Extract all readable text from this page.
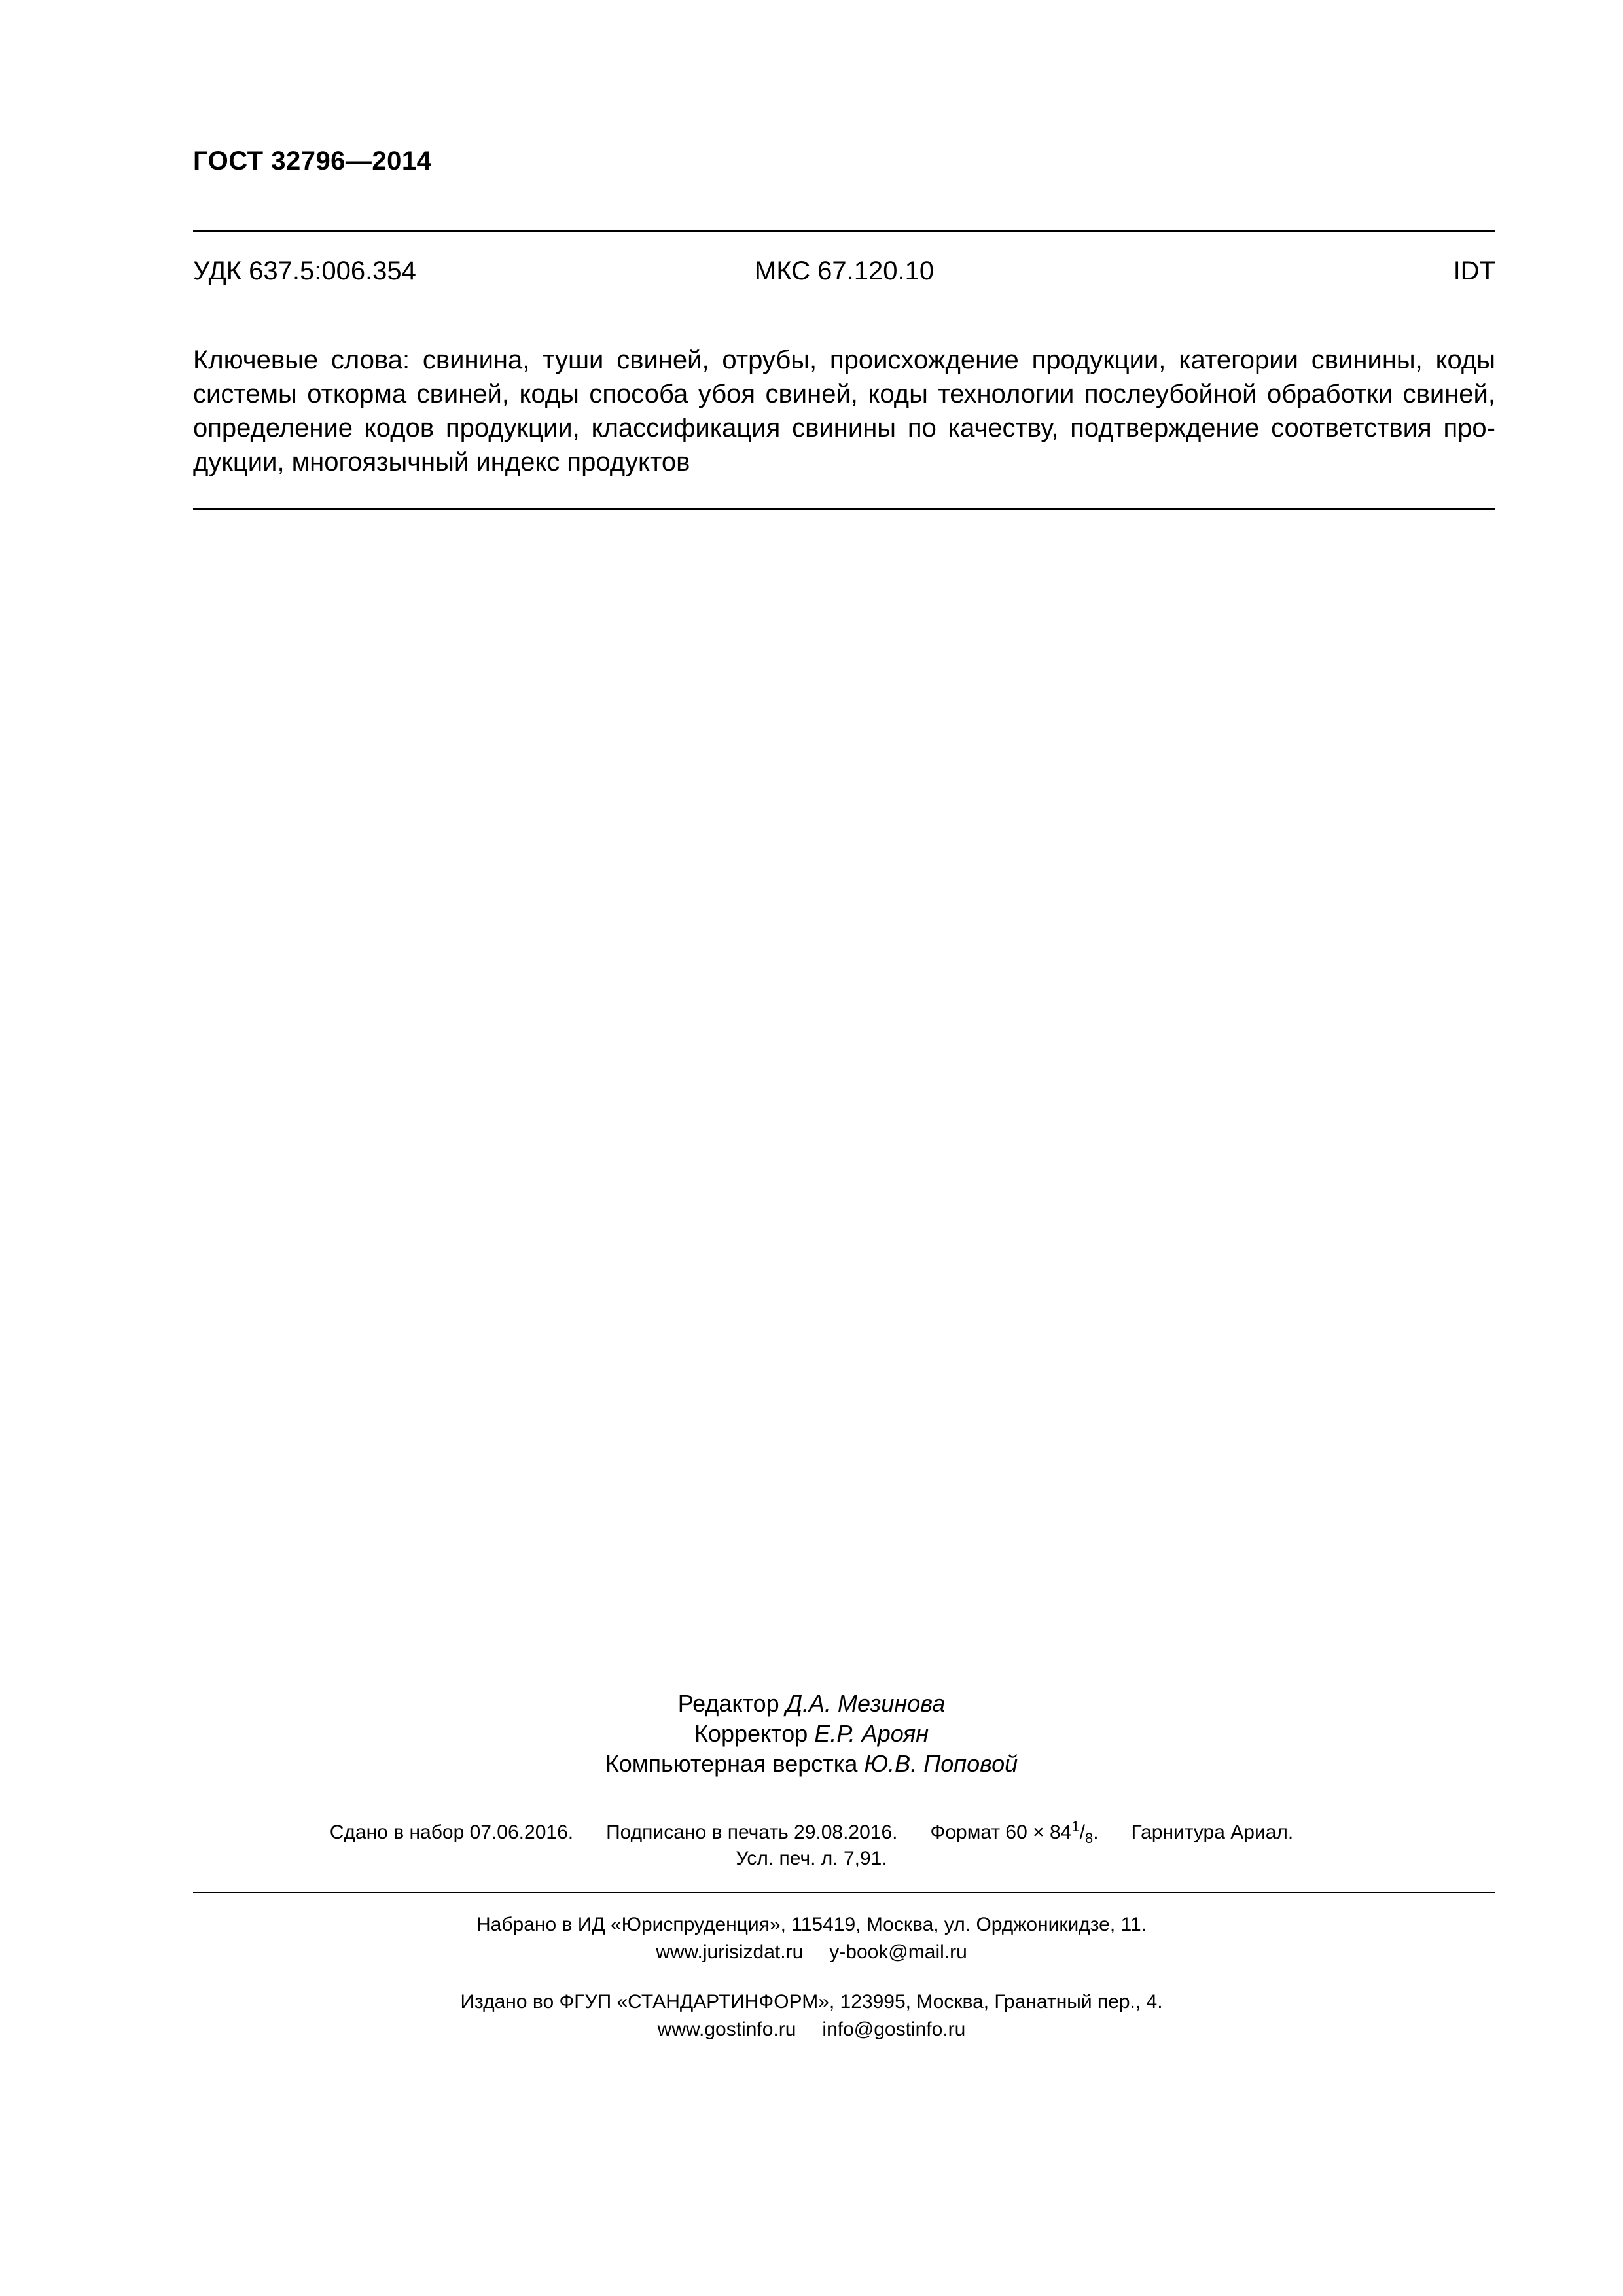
ГОСТ 32796—2014
УДК 637.5:006.354	МКС 67.120.10	IDT
Ключевые слова: свинина, туши свиней, отрубы, происхождение продукции, категории свинины, коды системы откорма свиней, коды способа убоя свиней, коды технологии послеубойной обработки свиней, определение кодов продукции, классификация свинины по качеству, подтверждение соответствия продукции, многоязычный индекс продуктов
Редактор Д.А. Мезинова
Корректор Е.Р. Ароян
Компьютерная верстка Ю.В. Поповой
Сдано в набор 07.06.2016. Подписано в печать 29.08.2016. Формат $60 \times 84^1/_8$. Гарнитура Ариал.
Усл. печ. л. 7,91.
Набрано в ИД «Юриспруденция», 115419, Москва, ул. Орджоникидзе, 11.
www.jurisizdat.ru y-book@mail.ru
Издано во ФГУП «СТАНДАРТИНФОРМ», 123995, Москва, Гранатный пер., 4.
www.gostinfo.ru info@gostinfo.ru
